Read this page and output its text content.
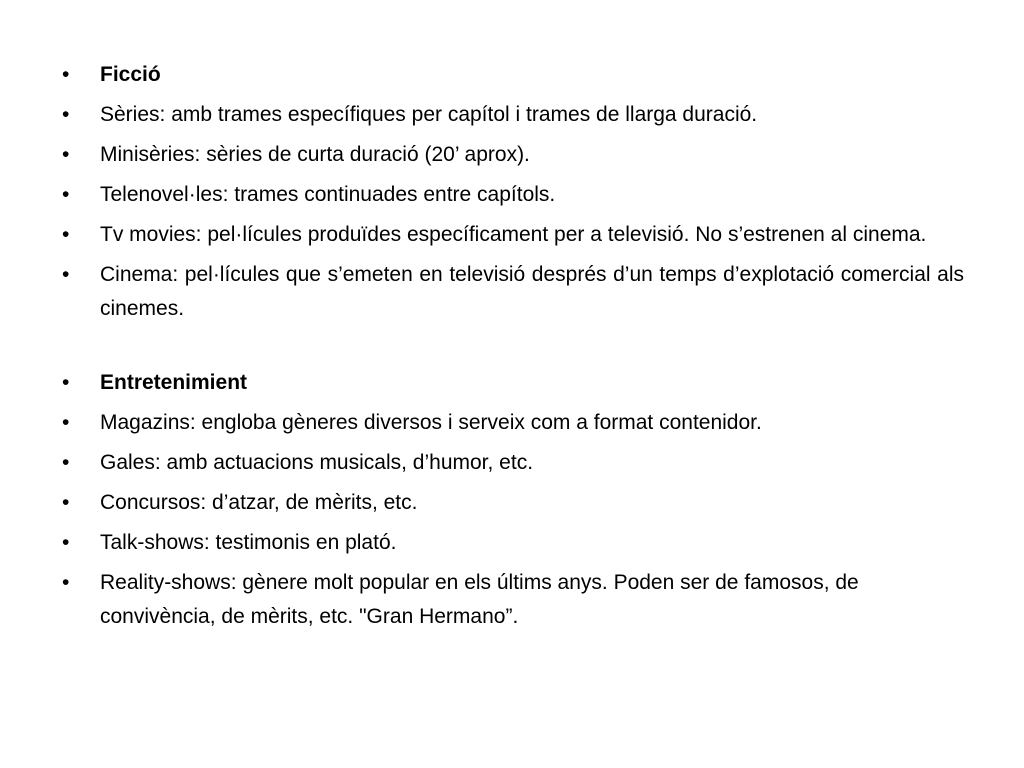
•	Ficció
•	Sèries: amb trames específiques per capítol i trames de llarga duració.
•	Minisèries: sèries de curta duració (20’ aprox).
•	Telenovel·les: trames continuades entre capítols.
•	Tv movies: pel·lícules produïdes específicament per a televisió. No s’estrenen al cinema.
•	Cinema: pel·lícules que s’emeten en televisió després d’un temps d’explotació comercial als cinemes.
•	Entretenimient
•	Magazins: engloba gèneres diversos i serveix com a format contenidor.
•	Gales: amb actuacions musicals, d’humor, etc.
•	Concursos: d’atzar, de mèrits, etc.
•	Talk-shows: testimonis en plató.
•	Reality-shows: gènere molt popular en els últims anys. Poden ser de famosos, de convivència, de mèrits, etc. "Gran Hermano”.
